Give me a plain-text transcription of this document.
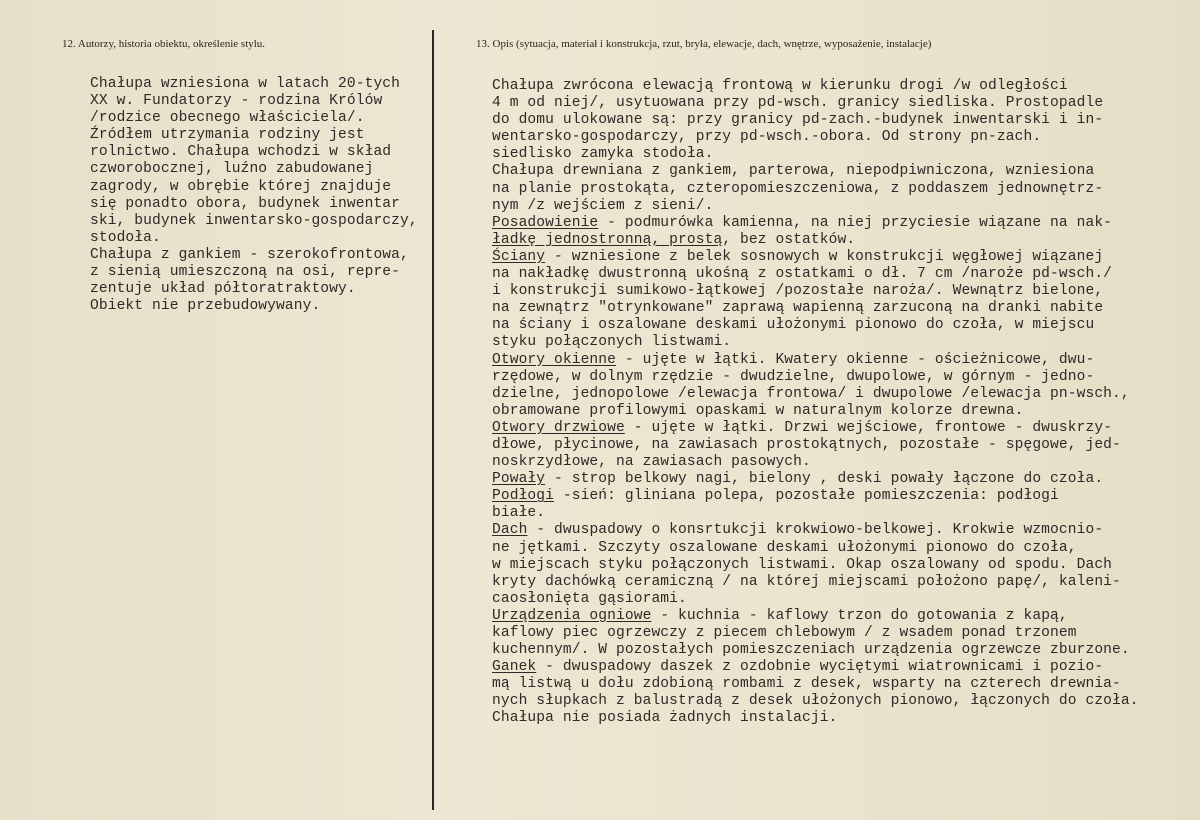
12. Autorzy, historia obiektu, określenie stylu.	13. Opis (sytuacja, materiał i konstrukcja, rzut, bryła, elewacje, dach, wnętrze, wyposażenie, instalacje)
Chałupa wzniesiona w latach 20-tych
XX w. Fundatorzy - rodzina Królów
/rodzice obecnego właściciela/.
Źródłem utrzymania rodziny jest
rolnictwo. Chałupa wchodzi w skład
czworobocznej, luźno zabudowanej
zagrody, w obrębie której znajduje
się ponadto obora, budynek inwentar
ski, budynek inwentarsko-gospodarczy,
stodoła.
Chałupa z gankiem - szerokofrontowa,
z sienią umieszczoną na osi, repre-
zentuje układ półtoratraktowy.
Obiekt nie przebudowywany.
Chałupa zwrócona elewacją frontową w kierunku drogi /w odległości
4 m od niej/, usytuowana przy pd-wsch. granicy siedliska. Prostopadle
do domu ulokowane są: przy granicy pd-zach.-budynek inwentarski i in-
wentarsko-gospodarczy, przy pd-wsch.-obora. Od strony pn-zach.
siedlisko zamyka stodoła.
Chałupa drewniana z gankiem, parterowa, niepodpiwniczona, wzniesiona
na planie prostokąta, czteropomieszczeniowa, z poddaszem jednownętrz-
nym /z wejściem z sieni/.
Posadowienie - podmurówka kamienna, na niej przyciesie wiązane na nak-
ładkę jednostronną, prostą, bez ostatków.
Ściany - wzniesione z belek sosnowych w konstrukcji węgłowej wiązanej
na nakładkę dwustronną ukośną z ostatkami o dł. 7 cm /naroże pd-wsch./
i konstrukcji sumikowo-łątkowej /pozostałe naroża/. Wewnątrz bielone,
na zewnątrz "otrynkowane" zaprawą wapienną zarzuconą na dranki nabite
na ściany i oszalowane deskami ułożonymi pionowo do czoła, w miejscu
styku połączonych listwami.
Otwory okienne - ujęte w łątki. Kwatery okienne - ościeżnicowe, dwu-
rzędowe, w dolnym rzędzie - dwudzielne, dwupolowe, w górnym - jedno-
dzielne, jednopolowe /elewacja frontowa/ i dwupolowe /elewacja pn-wsch.,
obramowane profilowymi opaskami w naturalnym kolorze drewna.
Otwory drzwiowe - ujęte w łątki. Drzwi wejściowe, frontowe - dwuskrzy-
dłowe, płycinowe, na zawiasach prostokątnych, pozostałe - spęgowe, jed-
noskrzydłowe, na zawiasach pasowych.
Powały - strop belkowy nagi, bielony , deski powały łączone do czoła.
Podłogi -sień: gliniana polepa, pozostałe pomieszczenia: podłogi
białe.
Dach - dwuspadowy o konsrtukcji krokwiowo-belkowej. Krokwie wzmocnio-
ne jętkami. Szczyty oszalowane deskami ułożonymi pionowo do czoła,
w miejscach styku połączonych listwami. Okap oszalowany od spodu. Dach
kryty dachówką ceramiczną / na której miejscami położono papę/, kaleni-
caosłonięta gąsiorami.
Urządzenia ogniowe - kuchnia - kaflowy trzon do gotowania z kapą,
kaflowy piec ogrzewczy z piecem chlebowym / z wsadem ponad trzonem
kuchennym/. W pozostałych pomieszczeniach urządzenia ogrzewcze zburzone.
Ganek - dwuspadowy daszek z ozdobnie wyciętymi wiatrownicami i pozio-
mą listwą u dołu zdobioną rombami z desek, wsparty na czterech drewnia-
nych słupkach z balustradą z desek ułożonych pionowo, łączonych do czoła.
Chałupa nie posiada żadnych instalacji.
